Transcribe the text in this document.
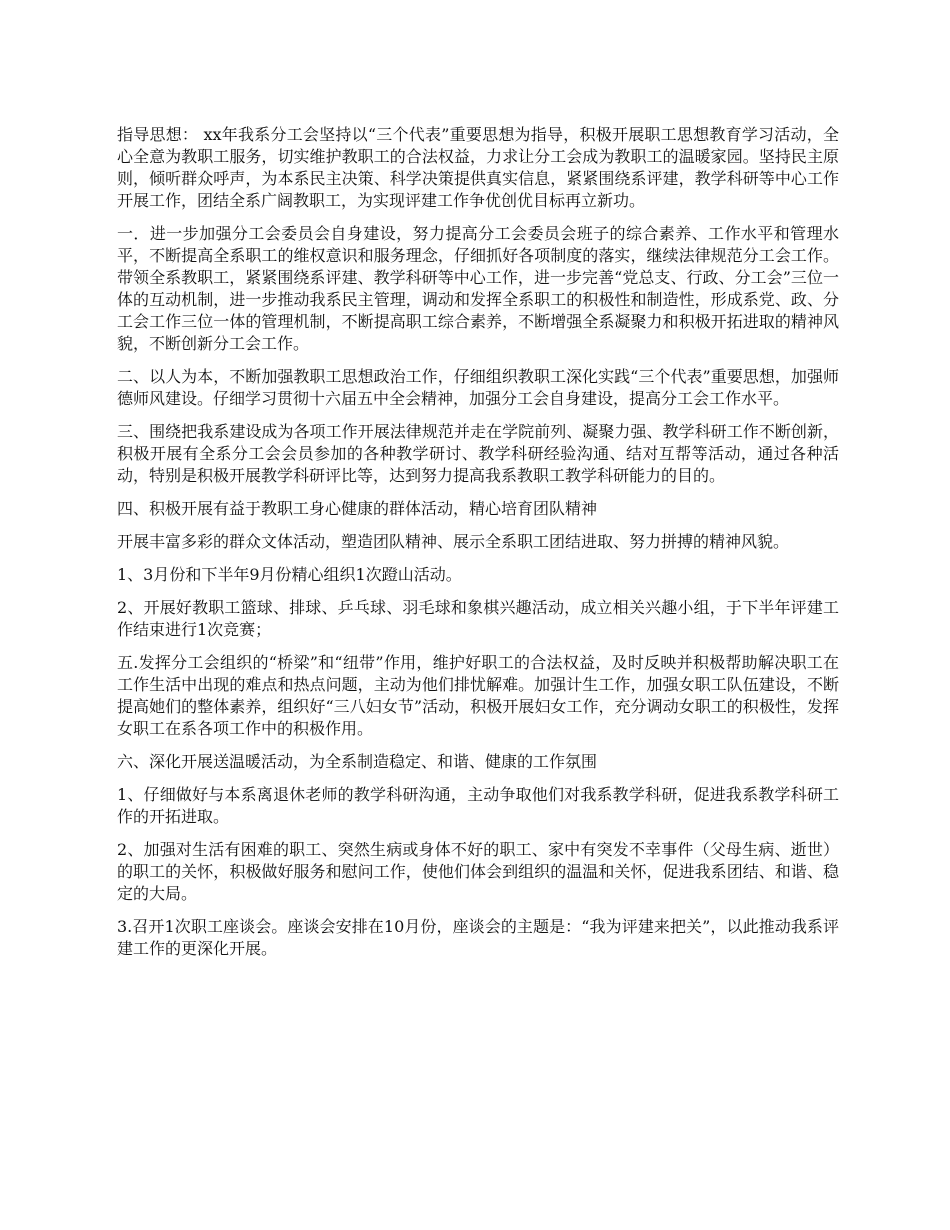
指导思想： xx年我系分工会坚持以“三个代表”重要思想为指导，积极开展职工思想教育学习活动，全心全意为教职工服务，切实维护教职工的合法权益，力求让分工会成为教职工的温暖家园。坚持民主原则，倾听群众呼声，为本系民主决策、科学决策提供真实信息，紧紧围绕系评建，教学科研等中心工作开展工作，团结全系广阔教职工，为实现评建工作争优创优目标再立新功。

一．进一步加强分工会委员会自身建设，努力提高分工会委员会班子的综合素养、工作水平和管理水平，不断提高全系职工的维权意识和服务理念，仔细抓好各项制度的落实，继续法律规范分工会工作。带领全系教职工，紧紧围绕系评建、教学科研等中心工作，进一步完善“党总支、行政、分工会”三位一体的互动机制，进一步推动我系民主管理，调动和发挥全系职工的积极性和制造性，形成系党、政、分工会工作三位一体的管理机制，不断提高职工综合素养，不断增强全系凝聚力和积极开拓进取的精神风貌，不断创新分工会工作。

二、以人为本，不断加强教职工思想政治工作，仔细组织教职工深化实践“三个代表”重要思想，加强师德师风建设。仔细学习贯彻十六届五中全会精神，加强分工会自身建设，提高分工会工作水平。

三、围绕把我系建设成为各项工作开展法律规范并走在学院前列、凝聚力强、教学科研工作不断创新，积极开展有全系分工会会员参加的各种教学研讨、教学科研经验沟通、结对互帮等活动，通过各种活动，特别是积极开展教学科研评比等，达到努力提高我系教职工教学科研能力的目的。

四、积极开展有益于教职工身心健康的群体活动，精心培育团队精神

开展丰富多彩的群众文体活动，塑造团队精神、展示全系职工团结进取、努力拼搏的精神风貌。

1、3月份和下半年9月份精心组织1次蹬山活动。

2、开展好教职工篮球、排球、乒乓球、羽毛球和象棋兴趣活动，成立相关兴趣小组，于下半年评建工作结束进行1次竞赛；

五.发挥分工会组织的“桥梁”和“纽带”作用，维护好职工的合法权益，及时反映并积极帮助解决职工在工作生活中出现的难点和热点问题，主动为他们排忧解难。加强计生工作，加强女职工队伍建设，不断提高她们的整体素养，组织好“三八妇女节”活动，积极开展妇女工作，充分调动女职工的积极性，发挥女职工在系各项工作中的积极作用。

六、深化开展送温暖活动，为全系制造稳定、和谐、健康的工作氛围

1、仔细做好与本系离退休老师的教学科研沟通，主动争取他们对我系教学科研，促进我系教学科研工作的开拓进取。

2、加强对生活有困难的职工、突然生病或身体不好的职工、家中有突发不幸事件（父母生病、逝世）的职工的关怀，积极做好服务和慰问工作，使他们体会到组织的温温和关怀，促进我系团结、和谐、稳定的大局。

3.召开1次职工座谈会。座谈会安排在10月份，座谈会的主题是：“我为评建来把关”，以此推动我系评建工作的更深化开展。
